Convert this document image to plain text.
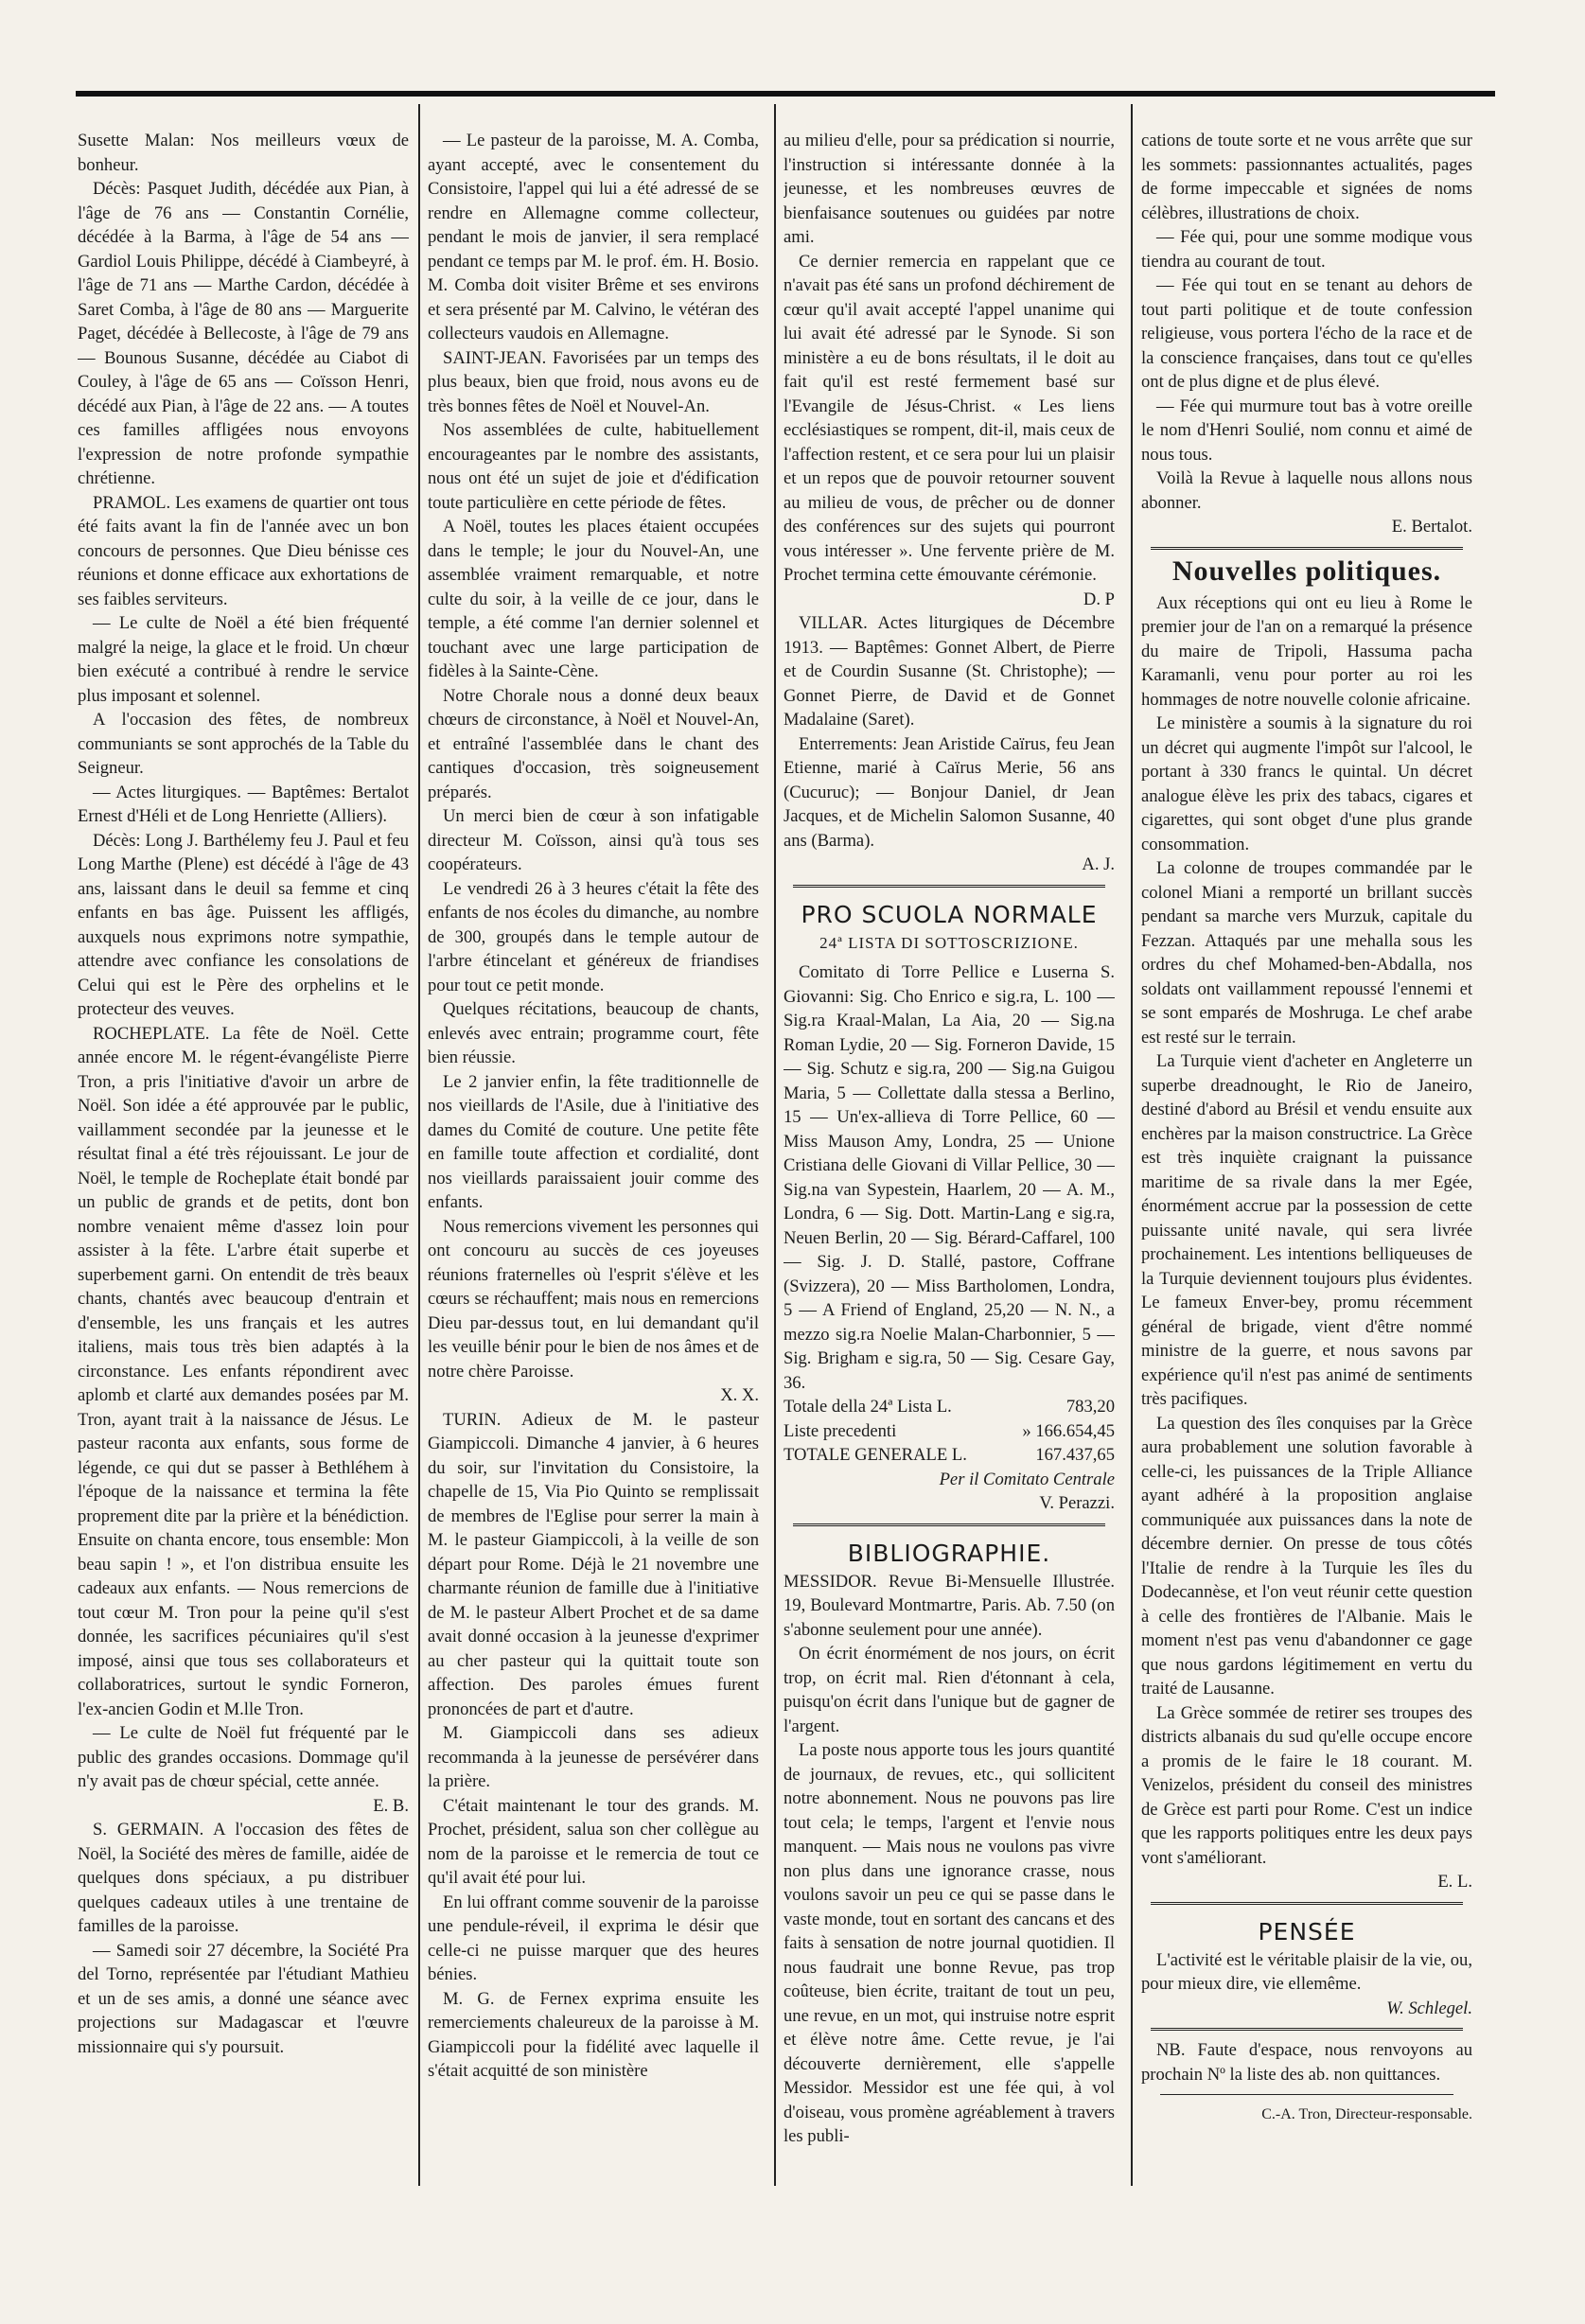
Susette Malan: Nos meilleurs vœux de bonheur.

Décès: Pasquet Judith, décédée aux Pian, à l'âge de 76 ans — Constantin Cornélie, décédée à la Barma, à l'âge de 54 ans — Gardiol Louis Philippe, décédé à Ciambeyré, à l'âge de 71 ans — Marthe Cardon, décédée à Saret Comba, à l'âge de 80 ans — Marguerite Paget, décédée à Bellecoste, à l'âge de 79 ans — Bounous Susanne, décédée au Ciabot di Couley, à l'âge de 65 ans — Coïsson Henri, décédé aux Pian, à l'âge de 22 ans. — A toutes ces familles affligées nous envoyons l'expression de notre profonde sympathie chrétienne.

PRAMOL. Les examens de quartier ont tous été faits avant la fin de l'année avec un bon concours de personnes. Que Dieu bénisse ces réunions et donne efficace aux exhortations de ses faibles serviteurs.

— Le culte de Noël a été bien fréquenté malgré la neige, la glace et le froid. Un chœur bien exécuté a contribué à rendre le service plus imposant et solennel.

A l'occasion des fêtes, de nombreux communiants se sont approchés de la Table du Seigneur.

— Actes liturgiques. — Baptêmes: Bertalot Ernest d'Héli et de Long Henriette (Alliers).

Décès: Long J. Barthélemy feu J. Paul et feu Long Marthe (Plene) est décédé à l'âge de 43 ans, laissant dans le deuil sa femme et cinq enfants en bas âge. Puissent les affligés, auxquels nous exprimons notre sympathie, attendre avec confiance les consolations de Celui qui est le Père des orphelins et le protecteur des veuves.

ROCHEPLATE. La fête de Noël. Cette année encore M. le régent-évangéliste Pierre Tron, a pris l'initiative d'avoir un arbre de Noël. Son idée a été approuvée par le public, vaillamment secondée par la jeunesse et le résultat final a été très réjouissant. Le jour de Noël, le temple de Rocheplate était bondé par un public de grands et de petits, dont bon nombre venaient même d'assez loin pour assister à la fête. L'arbre était superbe et superbement garni. On entendit de très beaux chants, chantés avec beaucoup d'entrain et d'ensemble, les uns français et les autres italiens, mais tous très bien adaptés à la circonstance. Les enfants répondirent avec aplomb et clarté aux demandes posées par M. Tron, ayant trait à la naissance de Jésus. Le pasteur raconta aux enfants, sous forme de légende, ce qui dut se passer à Bethléhem à l'époque de la naissance et termina la fête proprement dite par la prière et la bénédiction. Ensuite on chanta encore, tous ensemble: Mon beau sapin ! », et l'on distribua ensuite les cadeaux aux enfants. — Nous remercions de tout cœur M. Tron pour la peine qu'il s'est donnée, les sacrifices pécuniaires qu'il s'est imposé, ainsi que tous ses collaborateurs et collaboratrices, surtout le syndic Forneron, l'ex-ancien Godin et M.lle Tron.

— Le culte de Noël fut fréquenté par le public des grandes occasions. Dommage qu'il n'y avait pas de chœur spécial, cette année.

E. B.

S. GERMAIN. A l'occasion des fêtes de Noël, la Société des mères de famille, aidée de quelques dons spéciaux, a pu distribuer quelques cadeaux utiles à une trentaine de familles de la paroisse.

— Samedi soir 27 décembre, la Société Pra del Torno, représentée par l'étudiant Mathieu et un de ses amis, a donné une séance avec projections sur Madagascar et l'œuvre missionnaire qui s'y poursuit.

— Le pasteur de la paroisse, M. A. Comba, ayant accepté, avec le consentement du Consistoire, l'appel qui lui a été adressé de se rendre en Allemagne comme collecteur, pendant le mois de janvier, il sera remplacé pendant ce temps par M. le prof. ém. H. Bosio. M. Comba doit visiter Brême et ses environs et sera présenté par M. Calvino, le vétéran des collecteurs vaudois en Allemagne.

SAINT-JEAN. Favorisées par un temps des plus beaux, bien que froid, nous avons eu de très bonnes fêtes de Noël et Nouvel-An.

Nos assemblées de culte, habituellement encourageantes par le nombre des assistants, nous ont été un sujet de joie et d'édification toute particulière en cette période de fêtes.

A Noël, toutes les places étaient occupées dans le temple; le jour du Nouvel-An, une assemblée vraiment remarquable, et notre culte du soir, à la veille de ce jour, dans le temple, a été comme l'an dernier solennel et touchant avec une large participation de fidèles à la Sainte-Cène.

Notre Chorale nous a donné deux beaux chœurs de circonstance, à Noël et Nouvel-An, et entraîné l'assemblée dans le chant des cantiques d'occasion, très soigneusement préparés.

Un merci bien de cœur à son infatigable directeur M. Coïsson, ainsi qu'à tous ses coopérateurs.

Le vendredi 26 à 3 heures c'était la fête des enfants de nos écoles du dimanche, au nombre de 300, groupés dans le temple autour de l'arbre étincelant et généreux de friandises pour tout ce petit monde.

Quelques récitations, beaucoup de chants, enlevés avec entrain; programme court, fête bien réussie.

Le 2 janvier enfin, la fête traditionnelle de nos vieillards de l'Asile, due à l'initiative des dames du Comité de couture. Une petite fête en famille toute affection et cordialité, dont nos vieillards paraissaient jouir comme des enfants.

Nous remercions vivement les personnes qui ont concouru au succès de ces joyeuses réunions fraternelles où l'esprit s'élève et les cœurs se réchauffent; mais nous en remercions Dieu par-dessus tout, en lui demandant qu'il les veuille bénir pour le bien de nos âmes et de notre chère Paroisse.

X. X.

TURIN. Adieux de M. le pasteur Giampiccoli. Dimanche 4 janvier, à 6 heures du soir, sur l'invitation du Consistoire, la chapelle de 15, Via Pio Quinto se remplissait de membres de l'Eglise pour serrer la main à M. le pasteur Giampiccoli, à la veille de son départ pour Rome. Déjà le 21 novembre une charmante réunion de famille due à l'initiative de M. le pasteur Albert Prochet et de sa dame avait donné occasion à la jeunesse d'exprimer au cher pasteur qui la quittait toute son affection. Des paroles émues furent prononcées de part et d'autre.

M. Giampiccoli dans ses adieux recommanda à la jeunesse de persévérer dans la prière.

C'était maintenant le tour des grands. M. Prochet, président, salua son cher collègue au nom de la paroisse et le remercia de tout ce qu'il avait été pour lui.

En lui offrant comme souvenir de la paroisse une pendule-réveil, il exprima le désir que celle-ci ne puisse marquer que des heures bénies.

M. G. de Fernex exprima ensuite les remerciements chaleureux de la paroisse à M. Giampiccoli pour la fidélité avec laquelle il s'était acquitté de son ministère

au milieu d'elle, pour sa prédication si nourrie, l'instruction si intéressante donnée à la jeunesse, et les nombreuses œuvres de bienfaisance soutenues ou guidées par notre ami.

Ce dernier remercia en rappelant que ce n'avait pas été sans un profond déchirement de cœur qu'il avait accepté l'appel unanime qui lui avait été adressé par le Synode. Si son ministère a eu de bons résultats, il le doit au fait qu'il est resté fermement basé sur l'Evangile de Jésus-Christ. « Les liens ecclésiastiques se rompent, dit-il, mais ceux de l'affection restent, et ce sera pour lui un plaisir et un repos que de pouvoir retourner souvent au milieu de vous, de prêcher ou de donner des conférences sur des sujets qui pourront vous intéresser ». Une fervente prière de M. Prochet termina cette émouvante cérémonie.

D. P

VILLAR. Actes liturgiques de Décembre 1913. — Baptêmes: Gonnet Albert, de Pierre et de Courdin Susanne (St. Christophe); — Gonnet Pierre, de David et de Gonnet Madalaine (Saret).

Enterrements: Jean Aristide Caïrus, feu Jean Etienne, marié à Caïrus Merie, 56 ans (Cucuruc); — Bonjour Daniel, dr Jean Jacques, et de Michelin Salomon Susanne, 40 ans (Barma).

A. J.
PRO SCUOLA NORMALE
24ª LISTA DI SOTTOSCRIZIONE.

Comitato di Torre Pellice e Luserna S. Giovanni: Sig. Cho Enrico e sig.ra, L. 100 — Sig.ra Kraal-Malan, La Aia, 20 — Sig.na Roman Lydie, 20 — Sig. Forneron Davide, 15 — Sig. Schutz e sig.ra, 200 — Sig.na Guigou Maria, 5 — Collettate dalla stessa a Berlino, 15 — Un'ex-allieva di Torre Pellice, 60 — Miss Mauson Amy, Londra, 25 — Unione Cristiana delle Giovani di Villar Pellice, 30 — Sig.na van Sypestein, Haarlem, 20 — A. M., Londra, 6 — Sig. Dott. Martin-Lang e sig.ra, Neuen Berlin, 20 — Sig. Bérard-Caffarel, 100 — Sig. J. D. Stallé, pastore, Coffrane (Svizzera), 20 — Miss Bartholomen, Londra, 5 — A Friend of England, 25,20 — N. N., a mezzo sig.ra Noelie Malan-Charbonnier, 5 — Sig. Brigham e sig.ra, 50 — Sig. Cesare Gay, 36.

Totale della 24ª Lista L.	783,20
Liste precedenti	» 166.654,45
TOTALE GENERALE L.	167.437,65
Per il Comitato Centrale
V. Perazzi.
BIBLIOGRAPHIE.

MESSIDOR. Revue Bi-Mensuelle Illustrée. 19, Boulevard Montmartre, Paris. Ab. 7.50 (on s'abonne seulement pour une année).

On écrit énormément de nos jours, on écrit trop, on écrit mal. Rien d'étonnant à cela, puisqu'on écrit dans l'unique but de gagner de l'argent.

La poste nous apporte tous les jours quantité de journaux, de revues, etc., qui sollicitent notre abonnement. Nous ne pouvons pas lire tout cela; le temps, l'argent et l'envie nous manquent. — Mais nous ne voulons pas vivre non plus dans une ignorance crasse, nous voulons savoir un peu ce qui se passe dans le vaste monde, tout en sortant des cancans et des faits à sensation de notre journal quotidien. Il nous faudrait une bonne Revue, pas trop coûteuse, bien écrite, traitant de tout un peu, une revue, en un mot, qui instruise notre esprit et élève notre âme. Cette revue, je l'ai découverte dernièrement, elle s'appelle Messidor. Messidor est une fée qui, à vol d'oiseau, vous promène agréablement à travers les publi-

cations de toute sorte et ne vous arrête que sur les sommets: passionnantes actualités, pages de forme impeccable et signées de noms célèbres, illustrations de choix.

— Fée qui, pour une somme modique vous tiendra au courant de tout.

— Fée qui tout en se tenant au dehors de tout parti politique et de toute confession religieuse, vous portera l'écho de la race et de la conscience françaises, dans tout ce qu'elles ont de plus digne et de plus élevé.

— Fée qui murmure tout bas à votre oreille le nom d'Henri Soulié, nom connu et aimé de nous tous.

Voilà la Revue à laquelle nous allons nous abonner.

E. Bertalot.
Nouvelles politiques.

Aux réceptions qui ont eu lieu à Rome le premier jour de l'an on a remarqué la présence du maire de Tripoli, Hassuma pacha Karamanli, venu pour porter au roi les hommages de notre nouvelle colonie africaine.

Le ministère a soumis à la signature du roi un décret qui augmente l'impôt sur l'alcool, le portant à 330 francs le quintal. Un décret analogue élève les prix des tabacs, cigares et cigarettes, qui sont obget d'une plus grande consommation.

La colonne de troupes commandée par le colonel Miani a remporté un brillant succès pendant sa marche vers Murzuk, capitale du Fezzan. Attaqués par une mehalla sous les ordres du chef Mohamed-ben-Abdalla, nos soldats ont vaillamment repoussé l'ennemi et se sont emparés de Moshruga. Le chef arabe est resté sur le terrain.

La Turquie vient d'acheter en Angleterre un superbe dreadnought, le Rio de Janeiro, destiné d'abord au Brésil et vendu ensuite aux enchères par la maison constructrice. La Grèce est très inquiète craignant la puissance maritime de sa rivale dans la mer Egée, énormément accrue par la possession de cette puissante unité navale, qui sera livrée prochainement. Les intentions belliqueuses de la Turquie deviennent toujours plus évidentes. Le fameux Enver-bey, promu récemment général de brigade, vient d'être nommé ministre de la guerre, et nous savons par expérience qu'il n'est pas animé de sentiments très pacifiques.

La question des îles conquises par la Grèce aura probablement une solution favorable à celle-ci, les puissances de la Triple Alliance ayant adhéré à la proposition anglaise communiquée aux puissances dans la note de décembre dernier. On presse de tous côtés l'Italie de rendre à la Turquie les îles du Dodecannèse, et l'on veut réunir cette question à celle des frontières de l'Albanie. Mais le moment n'est pas venu d'abandonner ce gage que nous gardons légitimement en vertu du traité de Lausanne.

La Grèce sommée de retirer ses troupes des districts albanais du sud qu'elle occupe encore a promis de le faire le 18 courant. M. Venizelos, président du conseil des ministres de Grèce est parti pour Rome. C'est un indice que les rapports politiques entre les deux pays vont s'améliorant.

E. L.
PENSÉE

L'activité est le véritable plaisir de la vie, ou, pour mieux dire, vie ellemême.

W. Schlegel.

NB. Faute d'espace, nous renvoyons au prochain Nº la liste des ab. non quittances.

C.-A. Tron, Directeur-responsable.
